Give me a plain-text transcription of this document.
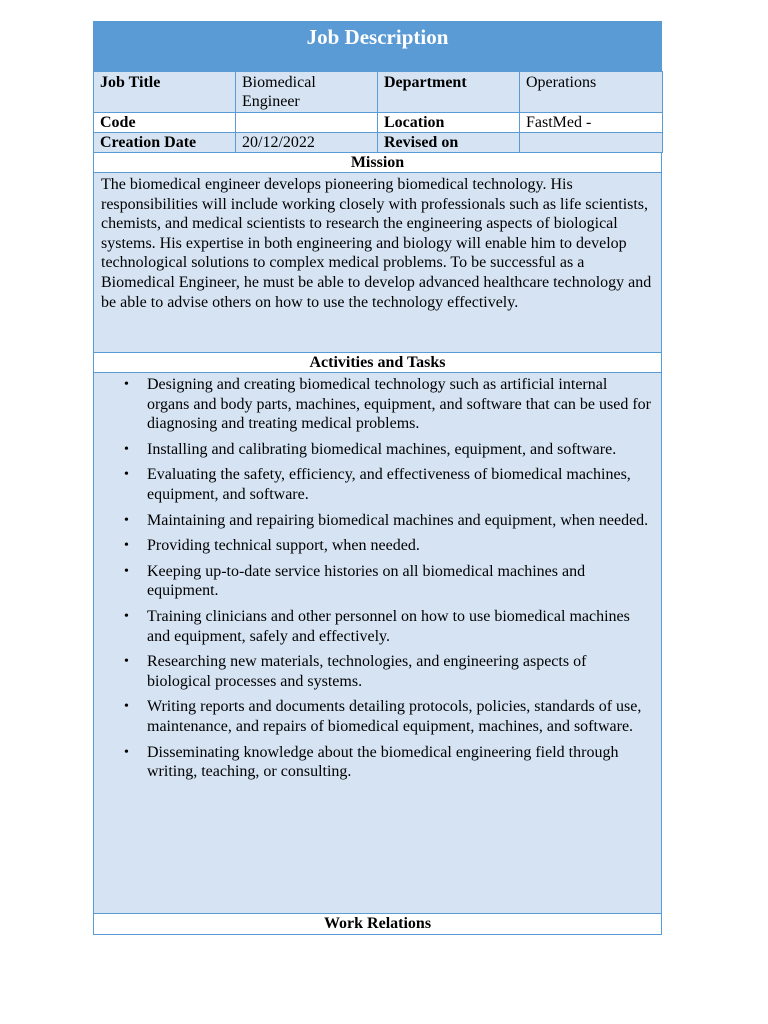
Job Description
Job Title	Biomedical Engineer	Department	Operations
Code		Location	FastMed -
Creation Date	20/12/2022	Revised on	
Mission
The biomedical engineer develops pioneering biomedical technology. His responsibilities will include working closely with professionals such as life scientists, chemists, and medical scientists to research the engineering aspects of biological systems. His expertise in both engineering and biology will enable him to develop technological solutions to complex medical problems. To be successful as a Biomedical Engineer, he must be able to develop advanced healthcare technology and be able to advise others on how to use the technology effectively.
Activities and Tasks
• Designing and creating biomedical technology such as artificial internal organs and body parts, machines, equipment, and software that can be used for diagnosing and treating medical problems.
• Installing and calibrating biomedical machines, equipment, and software.
• Evaluating the safety, efficiency, and effectiveness of biomedical machines, equipment, and software.
• Maintaining and repairing biomedical machines and equipment, when needed.
• Providing technical support, when needed.
• Keeping up-to-date service histories on all biomedical machines and equipment.
• Training clinicians and other personnel on how to use biomedical machines and equipment, safely and effectively.
• Researching new materials, technologies, and engineering aspects of biological processes and systems.
• Writing reports and documents detailing protocols, policies, standards of use, maintenance, and repairs of biomedical equipment, machines, and software.
• Disseminating knowledge about the biomedical engineering field through writing, teaching, or consulting.
Work Relations
